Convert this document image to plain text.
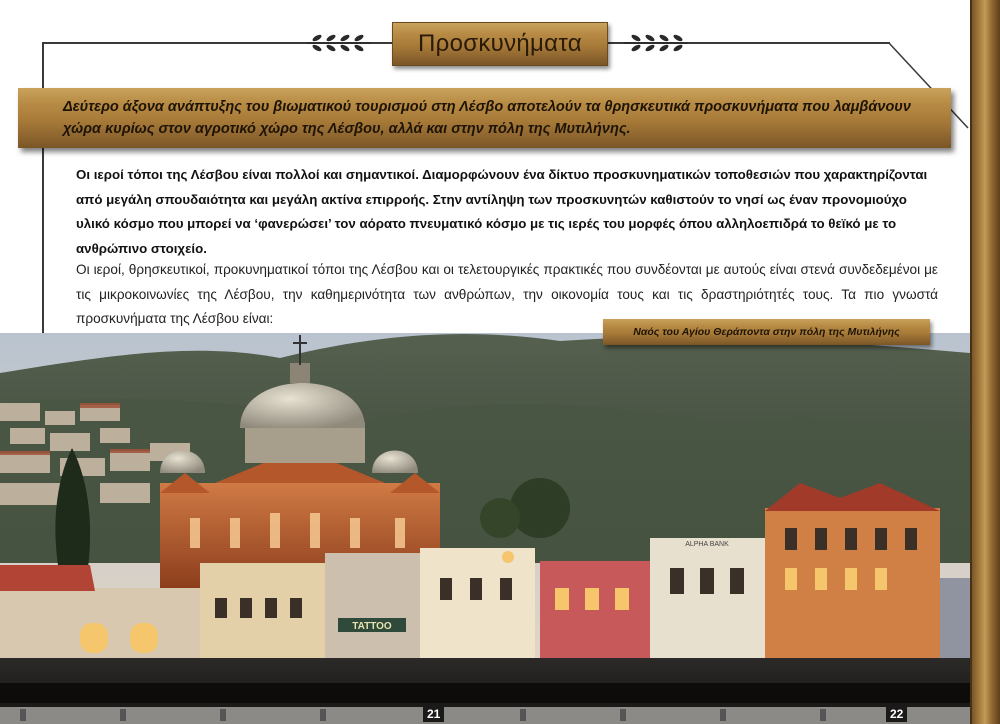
Προσκυνήματα
Δεύτερο άξονα ανάπτυξης του βιωματικού τουρισμού στη Λέσβο αποτελούν τα θρησκευτικά προσκυνήματα που λαμβάνουν χώρα κυρίως στον αγροτικό χώρο της Λέσβου, αλλά και στην πόλη της Μυτιλήνης.
Οι ιεροί τόποι της Λέσβου είναι πολλοί και σημαντικοί. Διαμορφώνουν ένα δίκτυο προσκυνηματικών τοποθεσιών που χαρακτηρίζονται από μεγάλη σπουδαιότητα και μεγάλη ακτίνα επιρροής. Στην αντίληψη των προσκυνητών καθιστούν το νησί ως έναν προνομιούχο υλικό κόσμο που μπορεί να ‘φανερώσει’ τον αόρατο πνευματικό κόσμο με τις ιερές του μορφές όπου αλληλοεπιδρά το θεϊκό με το ανθρώπινο στοιχείο.
Οι ιεροί, θρησκευτικοί, προκυνηματικοί τόποι της Λέσβου και οι τελετουργικές πρακτικές που συνδέονται με αυτούς είναι στενά συνδεδεμένοι με τις μικροκοινωνίες της Λέσβου, την καθημερινότητα των ανθρώπων, την οικονομία τους και τις δραστηριότητές τους. Τα πιο γνωστά προσκυνήματα της Λέσβου είναι:
TATTOO
ALPHA BANK
Ναός του Αγίου Θεράποντα στην πόλη της Μυτιλήνης
21	22
